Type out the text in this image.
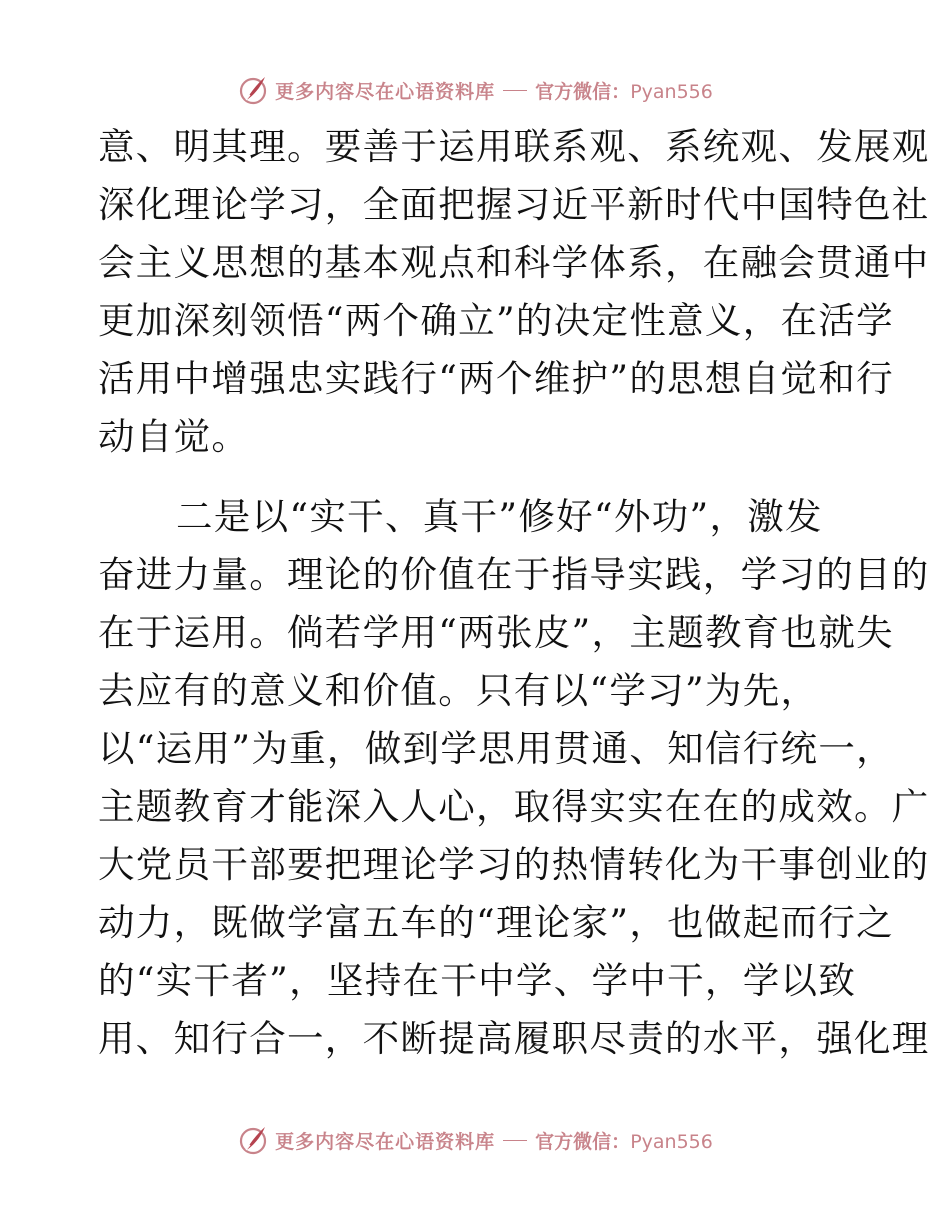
更多内容尽在心语资料库 官方微信：Pyan556
意、明其理。要善于运用联系观、系统观、发展观
深化理论学习，全面把握习近平新时代中国特色社
会主义思想的基本观点和科学体系，在融会贯通中
更加深刻领悟“两个确立”的决定性意义，在活学
活用中增强忠实践行“两个维护”的思想自觉和行
动自觉。
二是以“实干、真干”修好“外功”，激发
奋进力量。理论的价值在于指导实践，学习的目的
在于运用。倘若学用“两张皮”，主题教育也就失
去应有的意义和价值。只有以“学习”为先，
以“运用”为重，做到学思用贯通、知信行统一，
主题教育才能深入人心，取得实实在在的成效。广
大党员干部要把理论学习的热情转化为干事创业的
动力，既做学富五车的“理论家”，也做起而行之
的“实干者”，坚持在干中学、学中干，学以致
用、知行合一，不断提高履职尽责的水平，强化理
更多内容尽在心语资料库 官方微信：Pyan556
